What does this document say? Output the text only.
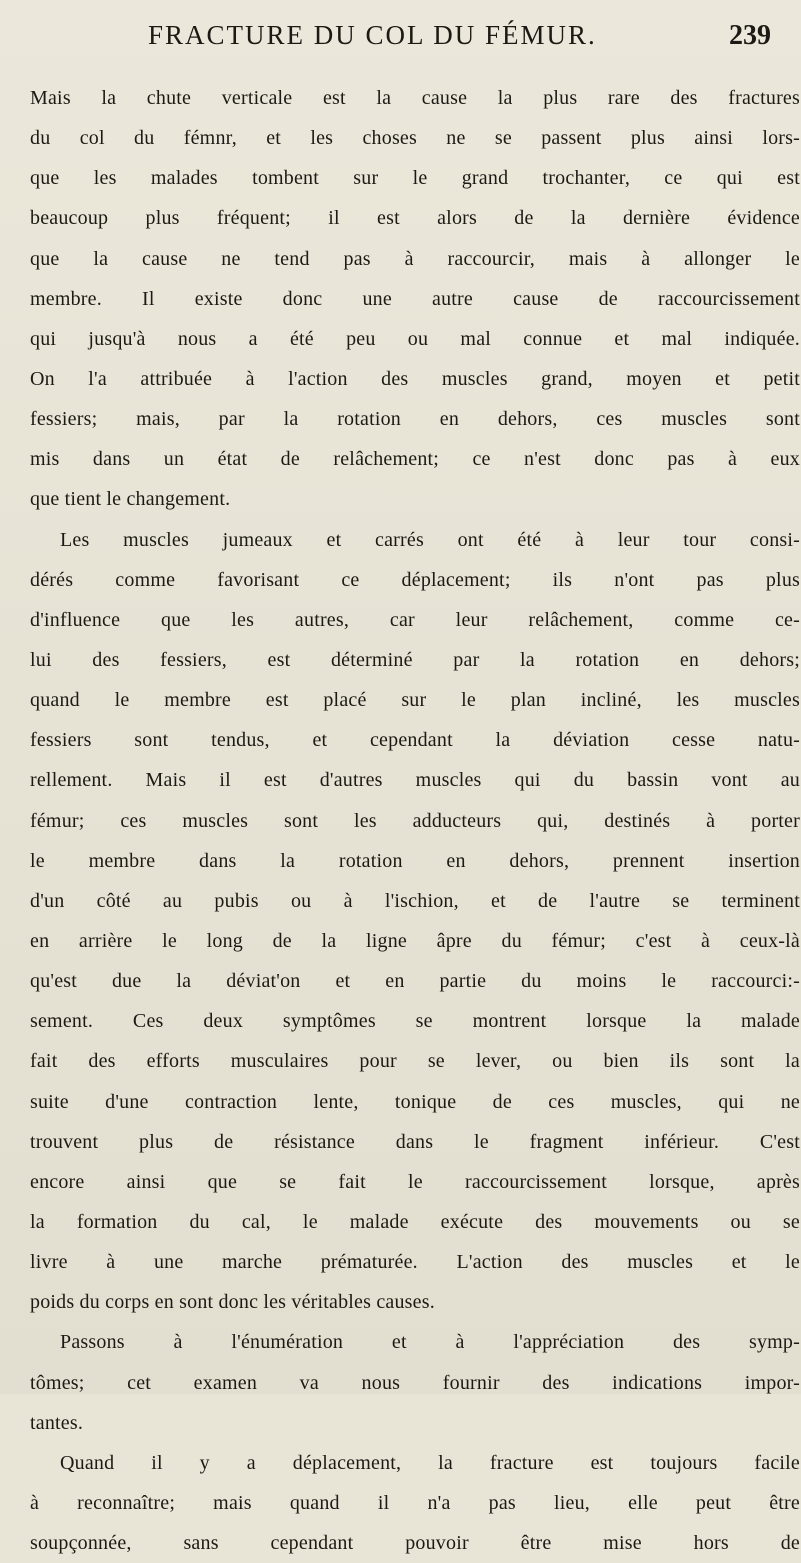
FRACTURE DU COL DU FÉMUR.	239
Mais la chute verticale est la cause la plus rare des fractures
du col du fémnr, et les choses ne se passent plus ainsi lors-
que les malades tombent sur le grand trochanter, ce qui est
beaucoup plus fréquent; il est alors de la dernière évidence
que la cause ne tend pas à raccourcir, mais à allonger le
membre. Il existe donc une autre cause de raccourcissement
qui jusqu'à nous a été peu ou mal connue et mal indiquée.
On l'a attribuée à l'action des muscles grand, moyen et petit
fessiers; mais, par la rotation en dehors, ces muscles sont
mis dans un état de relâchement; ce n'est donc pas à eux
que tient le changement.
Les muscles jumeaux et carrés ont été à leur tour consi-
dérés comme favorisant ce déplacement; ils n'ont pas plus
d'influence que les autres, car leur relâchement, comme ce-
lui des fessiers, est déterminé par la rotation en dehors;
quand le membre est placé sur le plan incliné, les muscles
fessiers sont tendus, et cependant la déviation cesse natu-
rellement. Mais il est d'autres muscles qui du bassin vont au
fémur; ces muscles sont les adducteurs qui, destinés à porter
le membre dans la rotation en dehors, prennent insertion
d'un côté au pubis ou à l'ischion, et de l'autre se terminent
en arrière le long de la ligne âpre du fémur; c'est à ceux-là
qu'est due la déviat'on et en partie du moins le raccourci:-
sement. Ces deux symptômes se montrent lorsque la malade
fait des efforts musculaires pour se lever, ou bien ils sont la
suite d'une contraction lente, tonique de ces muscles, qui ne
trouvent plus de résistance dans le fragment inférieur. C'est
encore ainsi que se fait le raccourcissement lorsque, après
la formation du cal, le malade exécute des mouvements ou se
livre à une marche prématurée. L'action des muscles et le
poids du corps en sont donc les véritables causes.
Passons à l'énumération et à l'appréciation des symp-
tômes; cet examen va nous fournir des indications impor-
tantes.
Quand il y a déplacement, la fracture est toujours facile
à reconnaître; mais quand il n'a pas lieu, elle peut être
soupçonnée, sans cependant pouvoir être mise hors de
